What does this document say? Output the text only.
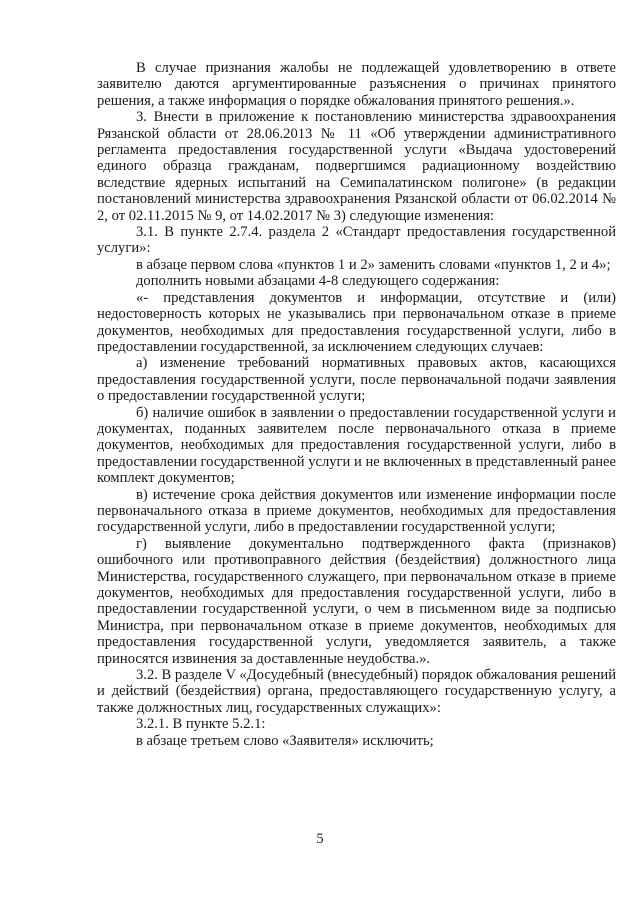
В случае признания жалобы не подлежащей удовлетворению в ответе заявителю даются аргументированные разъяснения о причинах принятого решения, а также информация о порядке обжалования принятого решения.».

3. Внести в приложение к постановлению министерства здравоохранения Рязанской области от 28.06.2013 № 11 «Об утверждении административного регламента предоставления государственной услуги «Выдача удостоверений единого образца гражданам, подвергшимся радиационному воздействию вследствие ядерных испытаний на Семипалатинском полигоне» (в редакции постановлений министерства здравоохранения Рязанской области от 06.02.2014 № 2, от 02.11.2015 № 9, от 14.02.2017 № 3) следующие изменения:

3.1. В пункте 2.7.4. раздела 2 «Стандарт предоставления государственной услуги»:

в абзаце первом слова «пунктов 1 и 2» заменить словами «пунктов 1, 2 и 4»;

дополнить новыми абзацами 4-8 следующего содержания:

«- представления документов и информации, отсутствие и (или) недостоверность которых не указывались при первоначальном отказе в приеме документов, необходимых для предоставления государственной услуги, либо в предоставлении государственной, за исключением следующих случаев:

а) изменение требований нормативных правовых актов, касающихся предоставления государственной услуги, после первоначальной подачи заявления о предоставлении государственной услуги;

б) наличие ошибок в заявлении о предоставлении государственной услуги и документах, поданных заявителем после первоначального отказа в приеме документов, необходимых для предоставления государственной услуги, либо в предоставлении государственной услуги и не включенных в представленный ранее комплект документов;

в) истечение срока действия документов или изменение информации после первоначального отказа в приеме документов, необходимых для предоставления государственной услуги, либо в предоставлении государственной услуги;

г) выявление документально подтвержденного факта (признаков) ошибочного или противоправного действия (бездействия) должностного лица Министерства, государственного служащего, при первоначальном отказе в приеме документов, необходимых для предоставления государственной услуги, либо в предоставлении государственной услуги, о чем в письменном виде за подписью Министра, при первоначальном отказе в приеме документов, необходимых для предоставления государственной услуги, уведомляется заявитель, а также приносятся извинения за доставленные неудобства.».

3.2. В разделе V «Досудебный (внесудебный) порядок обжалования решений и действий (бездействия) органа, предоставляющего государственную услугу, а также должностных лиц, государственных служащих»:

3.2.1. В пункте 5.2.1:

в абзаце третьем слово «Заявителя» исключить;

5
